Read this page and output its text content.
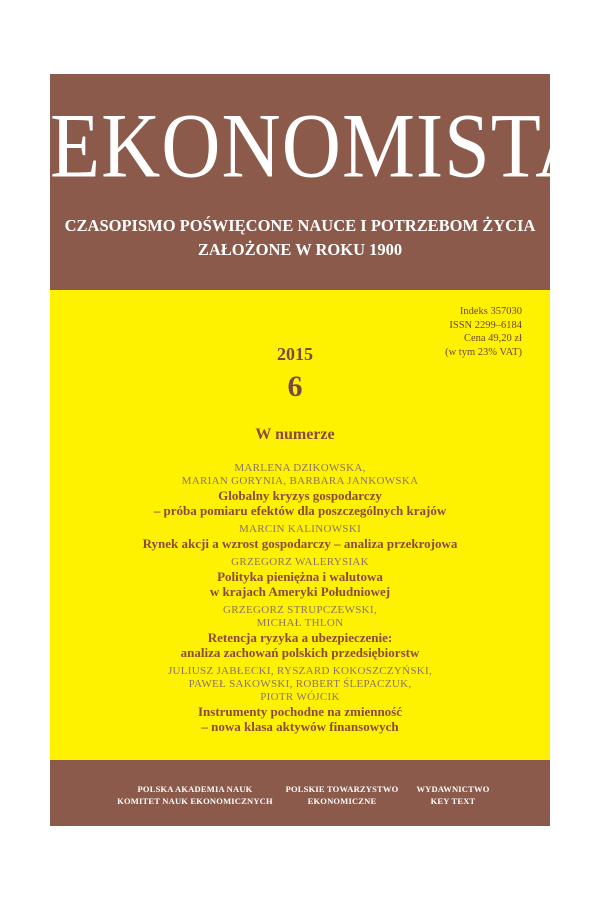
EKONOMISTA
CZASOPISMO POŚWIĘCONE NAUCE I POTRZEBOM ŻYCIA
ZAŁOŻONE W ROKU 1900
Indeks 357030
ISSN 2299–6184
Cena 49,20 zł
(w tym 23% VAT)
2015
6
W numerze
MARLENA DZIKOWSKA,
MARIAN GORYNIA, BARBARA JANKOWSKA
Globalny kryzys gospodarczy
– próba pomiaru efektów dla poszczególnych krajów
MARCIN KALINOWSKI
Rynek akcji a wzrost gospodarczy – analiza przekrojowa
GRZEGORZ WALERYSIAK
Polityka pieniężna i walutowa
w krajach Ameryki Południowej
GRZEGORZ STRUPCZEWSKI,
MICHAŁ THLON
Retencja ryzyka a ubezpieczenie:
analiza zachowań polskich przedsiębiorstw
JULIUSZ JABŁECKI, RYSZARD KOKOSZCZYŃSKI,
PAWEŁ SAKOWSKI, ROBERT ŚLEPACZUK,
PIOTR WÓJCIK
Instrumenty pochodne na zmienność
– nowa klasa aktywów finansowych
POLSKA AKADEMIA NAUK
KOMITET NAUK EKONOMICZNYCH
POLSKIE TOWARZYSTWO
EKONOMICZNE
WYDAWNICTWO
KEY TEXT
